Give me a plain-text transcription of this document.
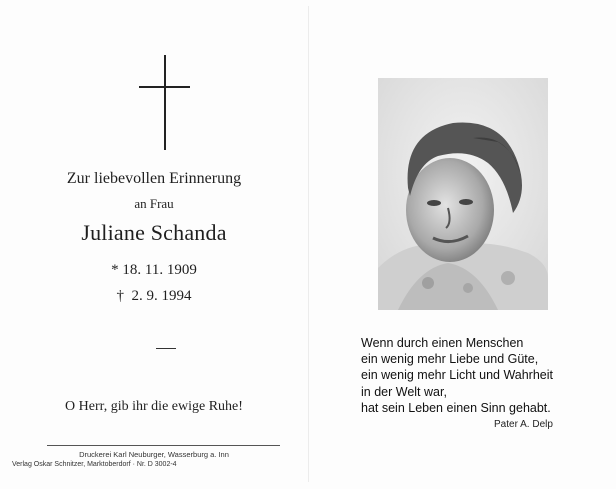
Zur liebevollen Erinnerung
an Frau
Juliane Schanda
* 18. 11. 1909
† 2. 9. 1994
O Herr, gib ihr die ewige Ruhe!
Druckerei Karl Neuburger, Wasserburg a. Inn
Verlag Oskar Schnitzer, Marktoberdorf · Nr. D 3002-4
Wenn durch einen Menschen
ein wenig mehr Liebe und Güte,
ein wenig mehr Licht und Wahrheit
in der Welt war,
hat sein Leben einen Sinn gehabt.
Pater A. Delp
